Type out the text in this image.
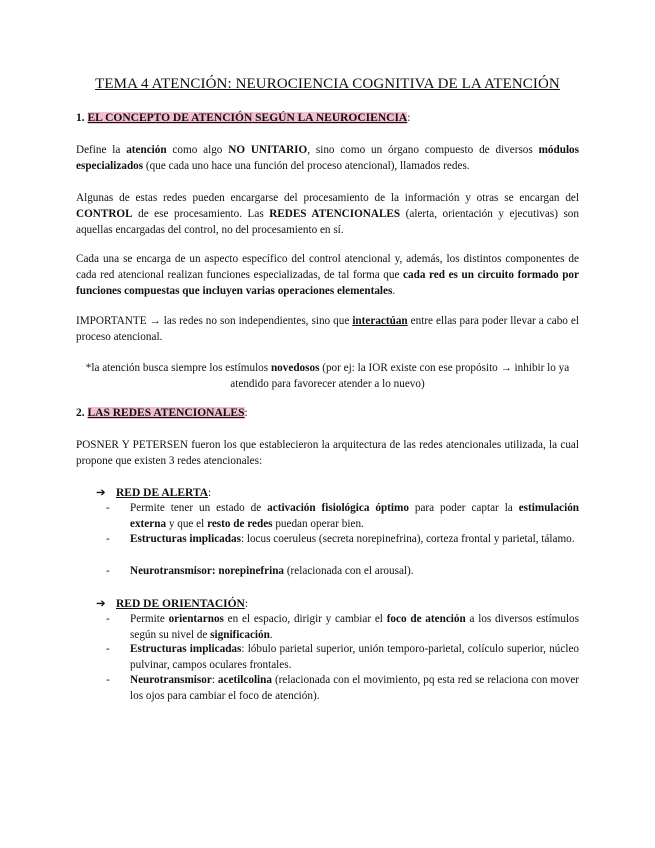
TEMA 4 ATENCIÓN: NEUROCIENCIA COGNITIVA DE LA ATENCIÓN
1. EL CONCEPTO DE ATENCIÓN SEGÚN LA NEUROCIENCIA:

Define la atención como algo NO UNITARIO, sino como un órgano compuesto de diversos módulos especializados (que cada uno hace una función del proceso atencional), llamados redes.

Algunas de estas redes pueden encargarse del procesamiento de la información y otras se encargan del CONTROL de ese procesamiento. Las REDES ATENCIONALES (alerta, orientación y ejecutivas) son aquellas encargadas del control, no del procesamiento en sí.

Cada una se encarga de un aspecto específico del control atencional y, además, los distintos componentes de cada red atencional realizan funciones especializadas, de tal forma que cada red es un circuito formado por funciones compuestas que incluyen varias operaciones elementales.

IMPORTANTE → las redes no son independientes, sino que interactúan entre ellas para poder llevar a cabo el proceso atencional.

*la atención busca siempre los estímulos novedosos (por ej: la IOR existe con ese propósito → inhibir lo ya atendido para favorecer atender a lo nuevo)

2. LAS REDES ATENCIONALES:

POSNER Y PETERSEN fueron los que establecieron la arquitectura de las redes atencionales utilizada, la cual propone que existen 3 redes atencionales:

➔ RED DE ALERTA:
- Permite tener un estado de activación fisiológica óptimo para poder captar la estimulación externa y que el resto de redes puedan operar bien.
- Estructuras implicadas: locus coeruleus (secreta norepinefrina), corteza frontal y parietal, tálamo.
- Neurotransmisor: norepinefrina (relacionada con el arousal).
➔ RED DE ORIENTACIÓN:
- Permite orientarnos en el espacio, dirigir y cambiar el foco de atención a los diversos estímulos según su nivel de significación.
- Estructuras implicadas: lóbulo parietal superior, unión temporo-parietal, colículo superior, núcleo pulvinar, campos oculares frontales.
- Neurotransmisor: acetilcolina (relacionada con el movimiento, pq esta red se relaciona con mover los ojos para cambiar el foco de atención).
